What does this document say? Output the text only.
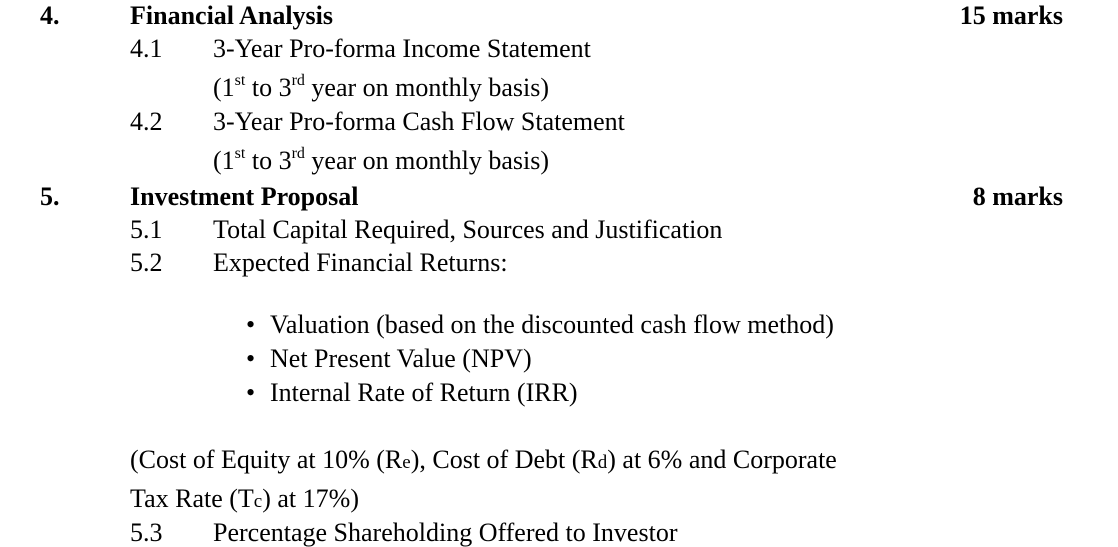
4.	Financial Analysis	15 marks
4.1 3-Year Pro-forma Income Statement
(1st to 3rd year on monthly basis)
4.2 3-Year Pro-forma Cash Flow Statement
(1st to 3rd year on monthly basis)
5.	Investment Proposal	8 marks
5.1 Total Capital Required, Sources and Justification
5.2 Expected Financial Returns:
• Valuation (based on the discounted cash flow method)
• Net Present Value (NPV)
• Internal Rate of Return (IRR)
(Cost of Equity at 10% (Re), Cost of Debt (Rd) at 6% and Corporate
Tax Rate (Tc) at 17%)
5.3 Percentage Shareholding Offered to Investor
